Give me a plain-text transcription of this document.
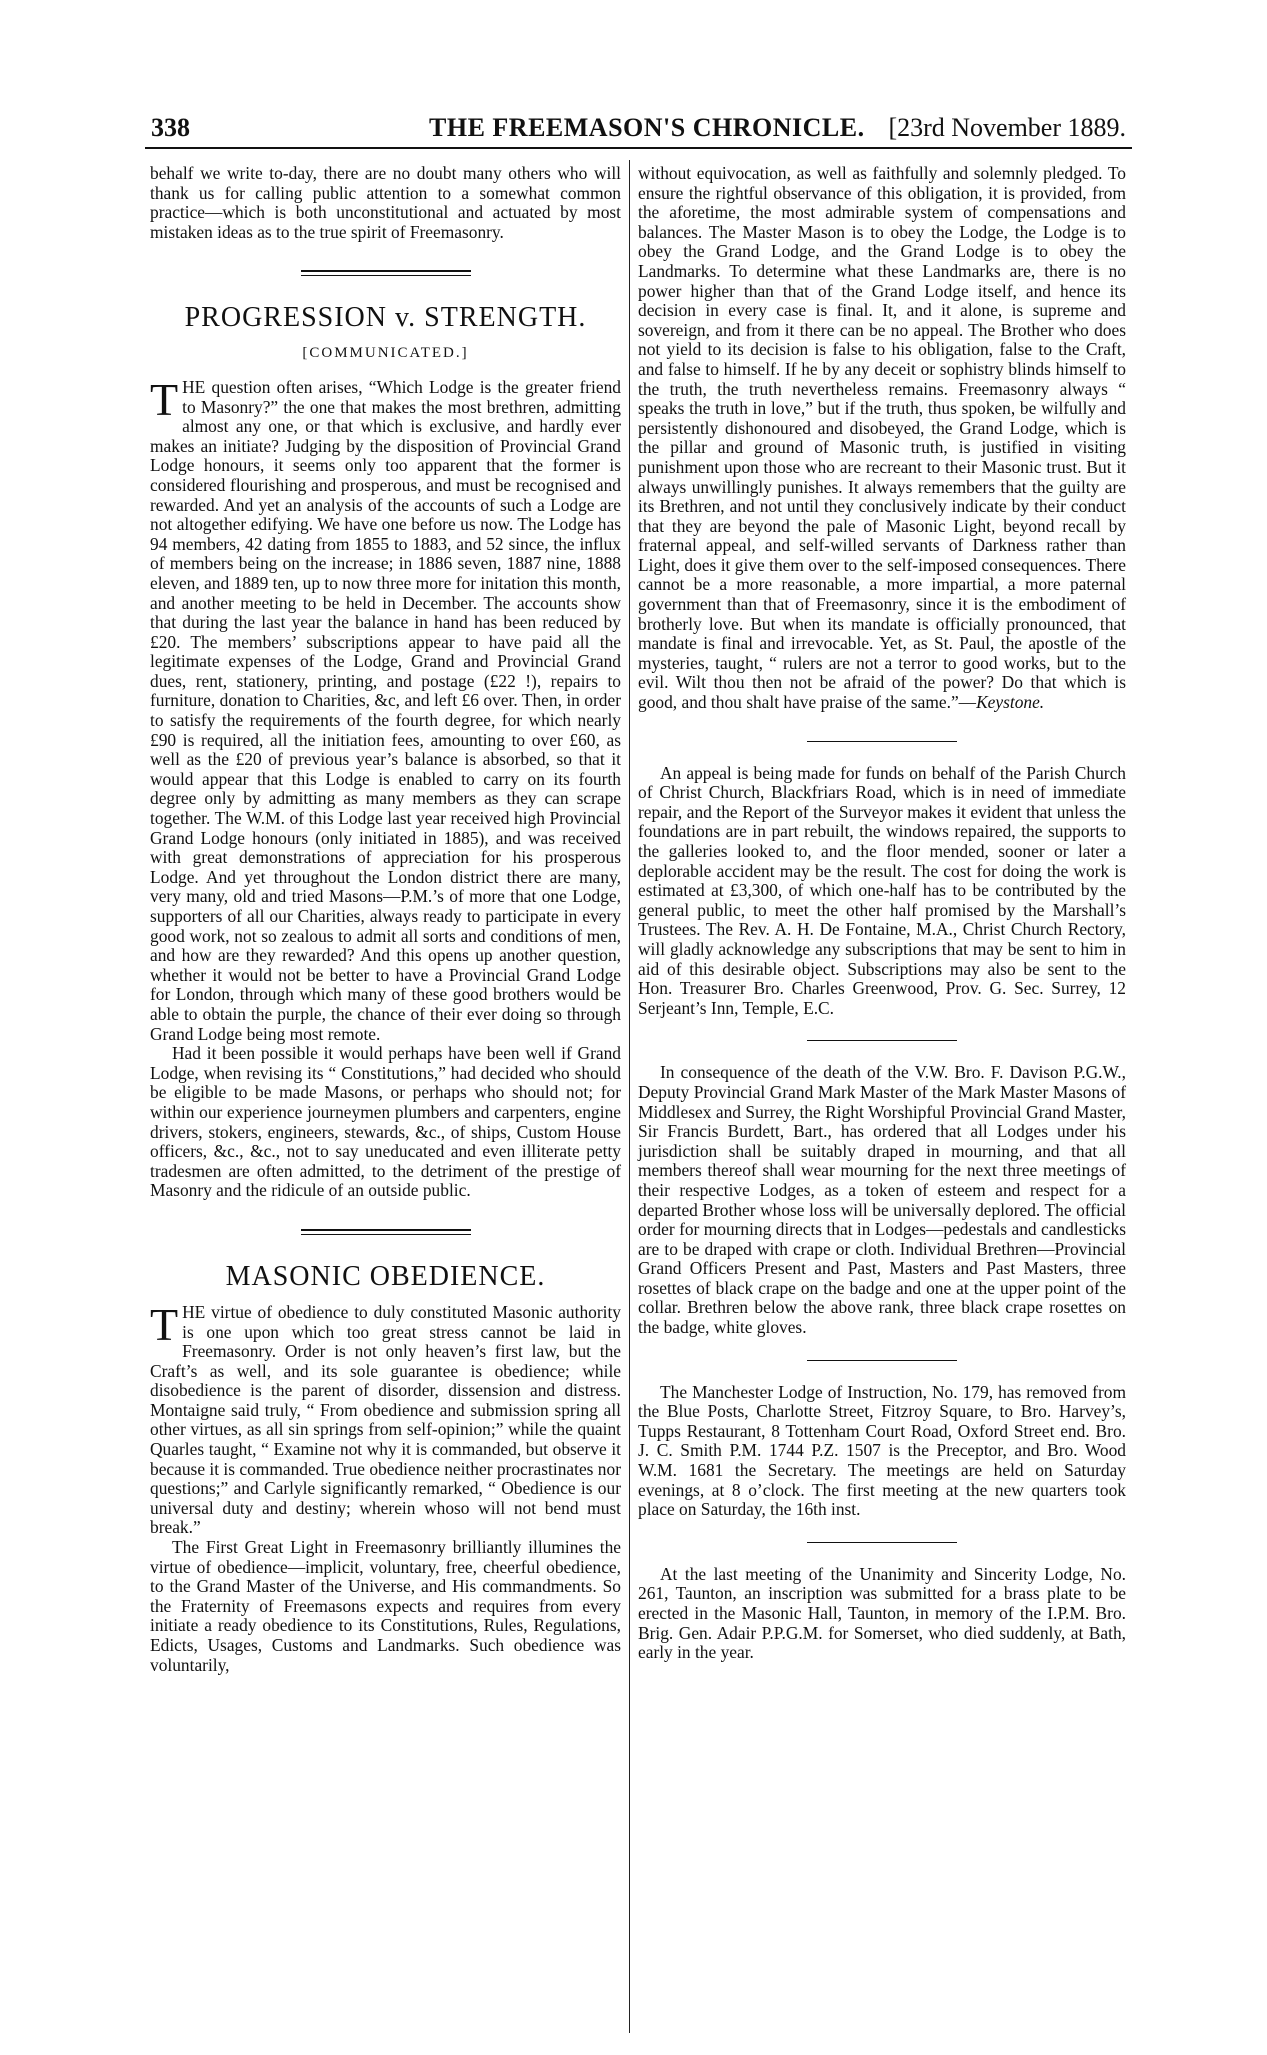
338	THE FREEMASON'S CHRONICLE. [23rd November 1889.

behalf we write to-day, there are no doubt many others who will thank us for calling public attention to a somewhat common practice—which is both unconstitutional and actuated by most mistaken ideas as to the true spirit of Freemasonry.

PROGRESSION v. STRENGTH.
[COMMUNICATED.]

THE question often arises, “Which Lodge is the greater friend to Masonry?” the one that makes the most brethren, admitting almost any one, or that which is exclusive, and hardly ever makes an initiate? Judging by the disposition of Provincial Grand Lodge honours, it seems only too apparent that the former is considered flourishing and prosperous, and must be recognised and rewarded. And yet an analysis of the accounts of such a Lodge are not altogether edifying. We have one before us now. The Lodge has 94 members, 42 dating from 1855 to 1883, and 52 since, the influx of members being on the increase; in 1886 seven, 1887 nine, 1888 eleven, and 1889 ten, up to now three more for initation this month, and another meeting to be held in December. The accounts show that during the last year the balance in hand has been reduced by £20. The members’ subscriptions appear to have paid all the legitimate expenses of the Lodge, Grand and Provincial Grand dues, rent, stationery, printing, and postage (£22 !), repairs to furniture, donation to Charities, &c, and left £6 over. Then, in order to satisfy the requirements of the fourth degree, for which nearly £90 is required, all the initiation fees, amounting to over £60, as well as the £20 of previous year’s balance is absorbed, so that it would appear that this Lodge is enabled to carry on its fourth degree only by admitting as many members as they can scrape together. The W.M. of this Lodge last year received high Provincial Grand Lodge honours (only initiated in 1885), and was received with great demonstrations of appreciation for his prosperous Lodge. And yet throughout the London district there are many, very many, old and tried Masons—P.M.’s of more that one Lodge, supporters of all our Charities, always ready to participate in every good work, not so zealous to admit all sorts and conditions of men, and how are they rewarded? And this opens up another question, whether it would not be better to have a Provincial Grand Lodge for London, through which many of these good brothers would be able to obtain the purple, the chance of their ever doing so through Grand Lodge being most remote.

Had it been possible it would perhaps have been well if Grand Lodge, when revising its “ Constitutions,” had decided who should be eligible to be made Masons, or perhaps who should not; for within our experience journeymen plumbers and carpenters, engine drivers, stokers, engineers, stewards, &c., of ships, Custom House officers, &c., &c., not to say uneducated and even illiterate petty tradesmen are often admitted, to the detriment of the prestige of Masonry and the ridicule of an outside public.

MASONIC OBEDIENCE.

THE virtue of obedience to duly constituted Masonic authority is one upon which too great stress cannot be laid in Freemasonry. Order is not only heaven’s first law, but the Craft’s as well, and its sole guarantee is obedience; while disobedience is the parent of disorder, dissension and distress. Montaigne said truly, “ From obedience and submission spring all other virtues, as all sin springs from self-opinion;” while the quaint Quarles taught, “ Examine not why it is commanded, but observe it because it is commanded. True obedience neither procrastinates nor questions;” and Carlyle significantly remarked, “ Obedience is our universal duty and destiny; wherein whoso will not bend must break.”

The First Great Light in Freemasonry brilliantly illumines the virtue of obedience—implicit, voluntary, free, cheerful obedience, to the Grand Master of the Universe, and His commandments. So the Fraternity of Freemasons expects and requires from every initiate a ready obedience to its Constitutions, Rules, Regulations, Edicts, Usages, Customs and Landmarks. Such obedience was voluntarily,

without equivocation, as well as faithfully and solemnly pledged. To ensure the rightful observance of this obligation, it is provided, from the aforetime, the most admirable system of compensations and balances. The Master Mason is to obey the Lodge, the Lodge is to obey the Grand Lodge, and the Grand Lodge is to obey the Landmarks. To determine what these Landmarks are, there is no power higher than that of the Grand Lodge itself, and hence its decision in every case is final. It, and it alone, is supreme and sovereign, and from it there can be no appeal. The Brother who does not yield to its decision is false to his obligation, false to the Craft, and false to himself. If he by any deceit or sophistry blinds himself to the truth, the truth nevertheless remains. Freemasonry always “ speaks the truth in love,” but if the truth, thus spoken, be wilfully and persistently dishonoured and disobeyed, the Grand Lodge, which is the pillar and ground of Masonic truth, is justified in visiting punishment upon those who are recreant to their Masonic trust. But it always unwillingly punishes. It always remembers that the guilty are its Brethren, and not until they conclusively indicate by their conduct that they are beyond the pale of Masonic Light, beyond recall by fraternal appeal, and self-willed servants of Darkness rather than Light, does it give them over to the self-imposed consequences. There cannot be a more reasonable, a more impartial, a more paternal government than that of Freemasonry, since it is the embodiment of brotherly love. But when its mandate is officially pronounced, that mandate is final and irrevocable. Yet, as St. Paul, the apostle of the mysteries, taught, “ rulers are not a terror to good works, but to the evil. Wilt thou then not be afraid of the power? Do that which is good, and thou shalt have praise of the same.”—Keystone.

An appeal is being made for funds on behalf of the Parish Church of Christ Church, Blackfriars Road, which is in need of immediate repair, and the Report of the Surveyor makes it evident that unless the foundations are in part rebuilt, the windows repaired, the supports to the galleries looked to, and the floor mended, sooner or later a deplorable accident may be the result. The cost for doing the work is estimated at £3,300, of which one-half has to be contributed by the general public, to meet the other half promised by the Marshall’s Trustees. The Rev. A. H. De Fontaine, M.A., Christ Church Rectory, will gladly acknowledge any subscriptions that may be sent to him in aid of this desirable object. Subscriptions may also be sent to the Hon. Treasurer Bro. Charles Greenwood, Prov. G. Sec. Surrey, 12 Serjeant’s Inn, Temple, E.C.

In consequence of the death of the V.W. Bro. F. Davison P.G.W., Deputy Provincial Grand Mark Master of the Mark Master Masons of Middlesex and Surrey, the Right Worshipful Provincial Grand Master, Sir Francis Burdett, Bart., has ordered that all Lodges under his jurisdiction shall be suitably draped in mourning, and that all members thereof shall wear mourning for the next three meetings of their respective Lodges, as a token of esteem and respect for a departed Brother whose loss will be universally deplored. The official order for mourning directs that in Lodges—pedestals and candlesticks are to be draped with crape or cloth. Individual Brethren—Provincial Grand Officers Present and Past, Masters and Past Masters, three rosettes of black crape on the badge and one at the upper point of the collar. Brethren below the above rank, three black crape rosettes on the badge, white gloves.

The Manchester Lodge of Instruction, No. 179, has removed from the Blue Posts, Charlotte Street, Fitzroy Square, to Bro. Harvey’s, Tupps Restaurant, 8 Tottenham Court Road, Oxford Street end. Bro. J. C. Smith P.M. 1744 P.Z. 1507 is the Preceptor, and Bro. Wood W.M. 1681 the Secretary. The meetings are held on Saturday evenings, at 8 o’clock. The first meeting at the new quarters took place on Saturday, the 16th inst.

At the last meeting of the Unanimity and Sincerity Lodge, No. 261, Taunton, an inscription was submitted for a brass plate to be erected in the Masonic Hall, Taunton, in memory of the I.P.M. Bro. Brig. Gen. Adair P.P.G.M. for Somerset, who died suddenly, at Bath, early in the year.
